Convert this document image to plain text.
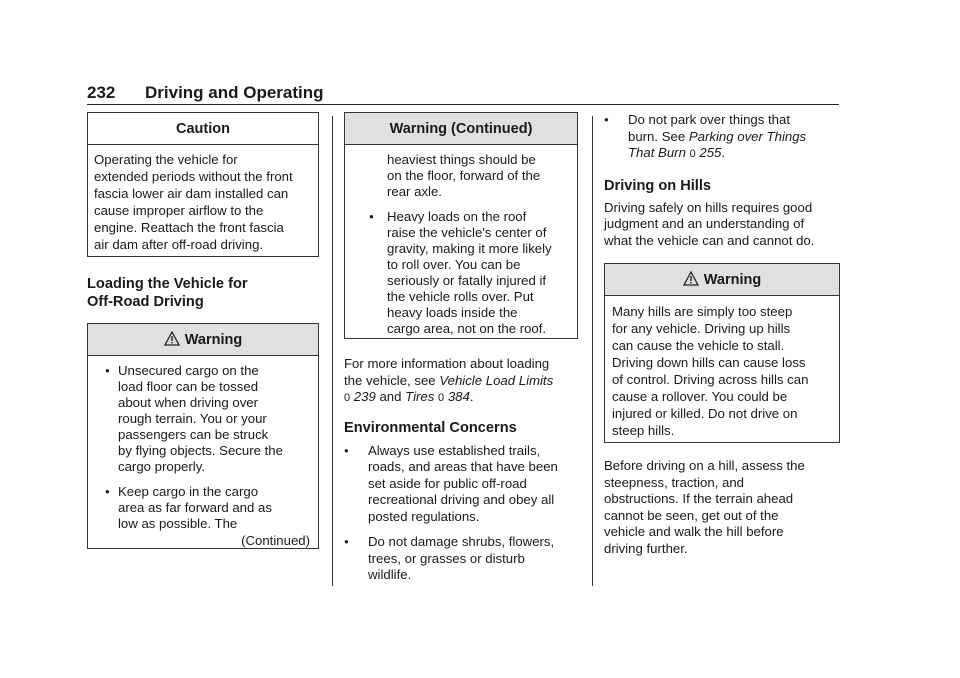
232 Driving and Operating
Caution
Operating the vehicle for
extended periods without the front
fascia lower air dam installed can
cause improper airflow to the
engine. Reattach the front fascia
air dam after off-road driving.
Loading the Vehicle for
Off-Road Driving
Warning
● Unsecured cargo on the
load floor can be tossed
about when driving over
rough terrain. You or your
passengers can be struck
by flying objects. Secure the
cargo properly.
● Keep cargo in the cargo
area as far forward and as
low as possible. The
(Continued)
Warning (Continued)
heaviest things should be
on the floor, forward of the
rear axle.
● Heavy loads on the roof
raise the vehicle's center of
gravity, making it more likely
to roll over. You can be
seriously or fatally injured if
the vehicle rolls over. Put
heavy loads inside the
cargo area, not on the roof.
For more information about loading
the vehicle, see Vehicle Load Limits
0 239 and Tires 0 384.
Environmental Concerns
● Always use established trails,
roads, and areas that have been
set aside for public off-road
recreational driving and obey all
posted regulations.
● Do not damage shrubs, flowers,
trees, or grasses or disturb
wildlife.
● Do not park over things that
burn. See Parking over Things
That Burn 0 255.
Driving on Hills
Driving safely on hills requires good
judgment and an understanding of
what the vehicle can and cannot do.
Warning
Many hills are simply too steep
for any vehicle. Driving up hills
can cause the vehicle to stall.
Driving down hills can cause loss
of control. Driving across hills can
cause a rollover. You could be
injured or killed. Do not drive on
steep hills.
Before driving on a hill, assess the
steepness, traction, and
obstructions. If the terrain ahead
cannot be seen, get out of the
vehicle and walk the hill before
driving further.
